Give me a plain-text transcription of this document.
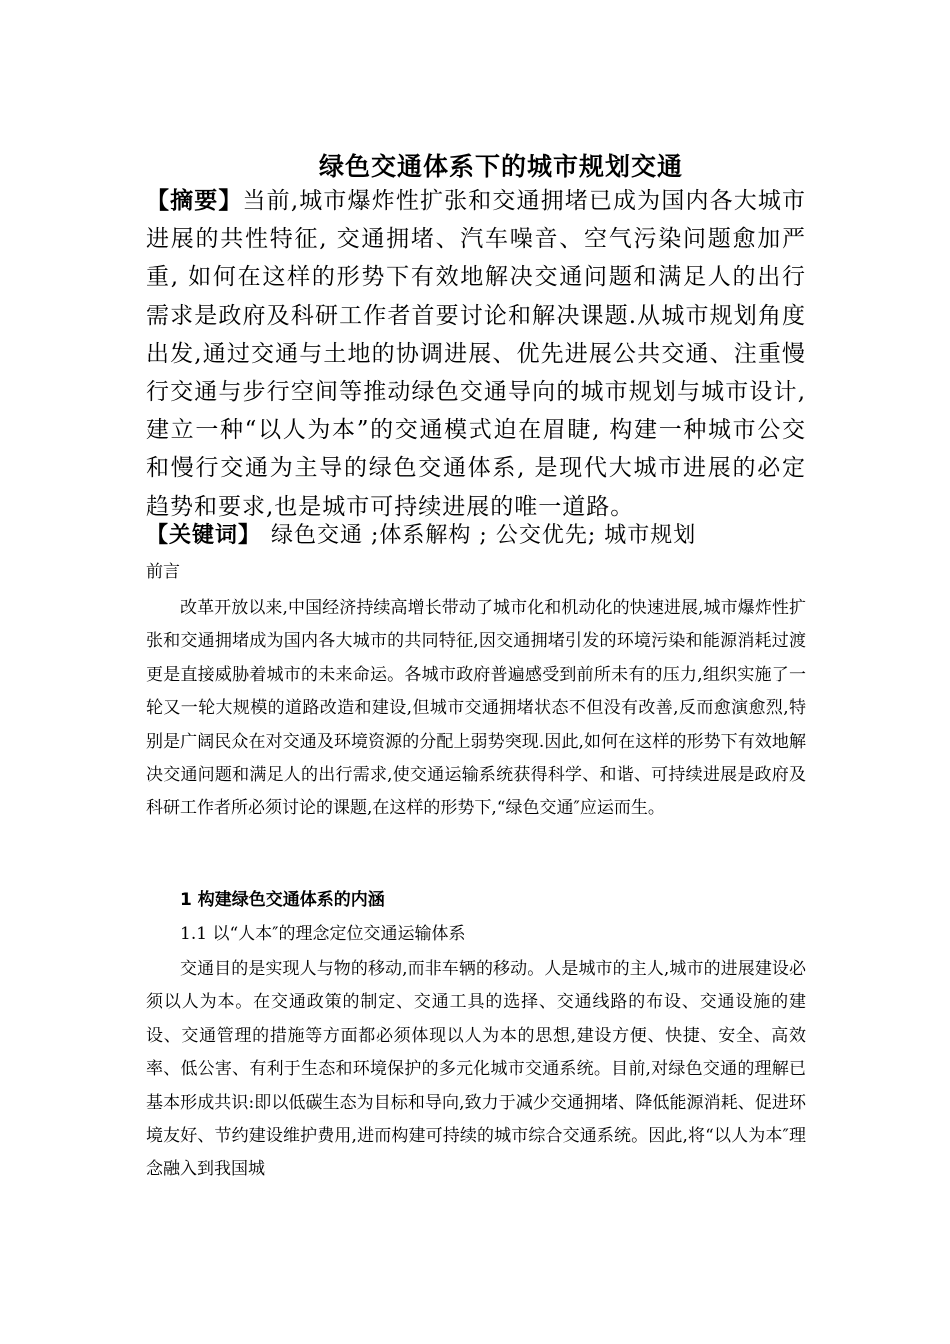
绿色交通体系下的城市规划交通

【摘要】当前,城市爆炸性扩张和交通拥堵已成为国内各大城市进展的共性特征, 交通拥堵、汽车噪音、空气污染问题愈加严重, 如何在这样的形势下有效地解决交通问题和满足人的出行需求是政府及科研工作者首要讨论和解决课题.从城市规划角度出发,通过交通与土地的协调进展、优先进展公共交通、注重慢行交通与步行空间等推动绿色交通导向的城市规划与城市设计,建立一种“以人为本”的交通模式迫在眉睫, 构建一种城市公交和慢行交通为主导的绿色交通体系, 是现代大城市进展的必定趋势和要求,也是城市可持续进展的唯一道路。

【关键词】 绿色交通 ;体系解构 ; 公交优先; 城市规划

前言

改革开放以来,中国经济持续高增长带动了城市化和机动化的快速进展,城市爆炸性扩张和交通拥堵成为国内各大城市的共同特征,因交通拥堵引发的环境污染和能源消耗过渡更是直接威胁着城市的未来命运。各城市政府普遍感受到前所未有的压力,组织实施了一轮又一轮大规模的道路改造和建设,但城市交通拥堵状态不但没有改善,反而愈演愈烈,特别是广阔民众在对交通及环境资源的分配上弱势突现.因此,如何在这样的形势下有效地解决交通问题和满足人的出行需求,使交通运输系统获得科学、和谐、可持续进展是政府及科研工作者所必须讨论的课题,在这样的形势下,“绿色交通″应运而生。

1 构建绿色交通体系的内涵

1.1 以“人本″的理念定位交通运输体系

交通目的是实现人与物的移动,而非车辆的移动。人是城市的主人,城市的进展建设必须以人为本。在交通政策的制定、交通工具的选择、交通线路的布设、交通设施的建设、交通管理的措施等方面都必须体现以人为本的思想,建设方便、快捷、安全、高效率、低公害、有利于生态和环境保护的多元化城市交通系统。目前,对绿色交通的理解已基本形成共识:即以低碳生态为目标和导向,致力于减少交通拥堵、降低能源消耗、促进环境友好、节约建设维护费用,进而构建可持续的城市综合交通系统。因此,将“以人为本″理念融入到我国城
